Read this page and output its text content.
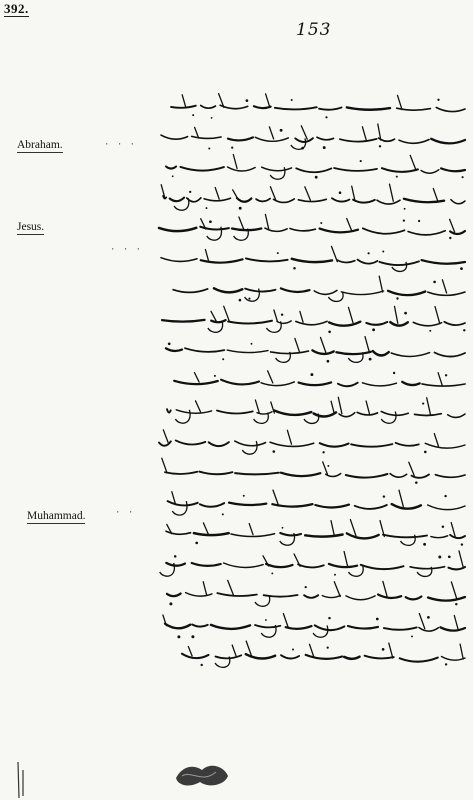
392.
153
Abraham.	· · ·
Jesus.
· · ·
Muhammad.	· ·
